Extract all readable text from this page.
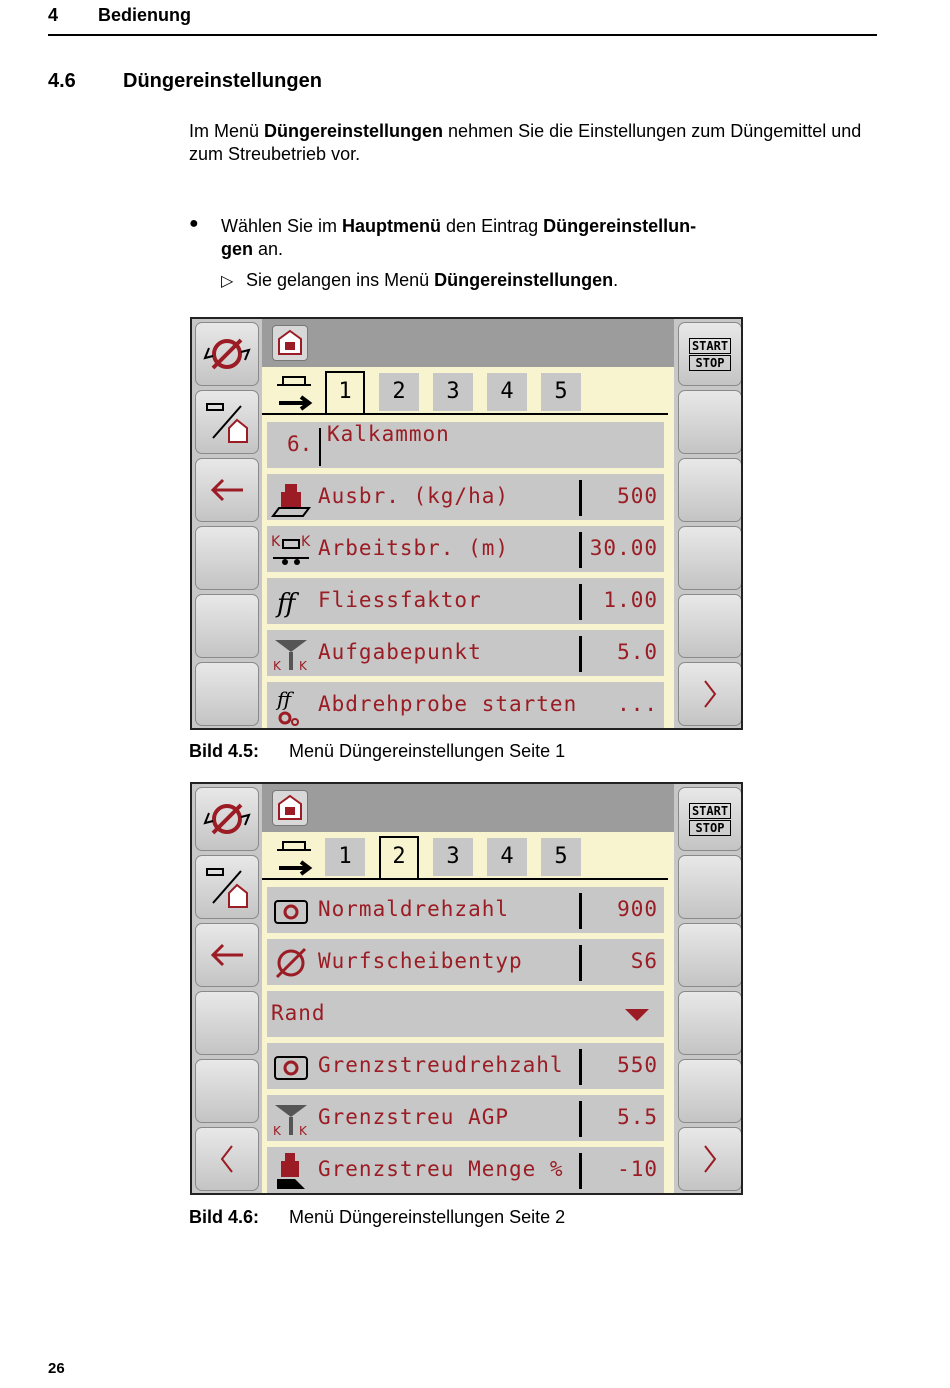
4 Bedienung
4.6 Düngereinstellungen
Im Menü Düngereinstellungen nehmen Sie die Einstellungen zum Düngemittel und zum Streubetrieb vor.
● Wählen Sie im Hauptmenü den Eintrag Düngereinstellun-
gen an.
▷ Sie gelangen ins Menü Düngereinstellungen.
START
STOP
1	2	3	4	5
6. Kalkammon
Ausbr. (kg/ha)	500
K K Arbeitsbr. (m)	30.00
ff Fliessfaktor	1.00
K K
Aufgabepunkt	5.0
ff Abdrehprobe starten ...
Bild 4.5: Menü Düngereinstellungen Seite 1
START
STOP
1	2	3	4	5
Normaldrehzahl	900
Wurfscheibentyp	S6
Rand
Grenzstreudrehzahl	550
K K
Grenzstreu AGP	5.5
Grenzstreu Menge %	-10
Bild 4.6: Menü Düngereinstellungen Seite 2
26
